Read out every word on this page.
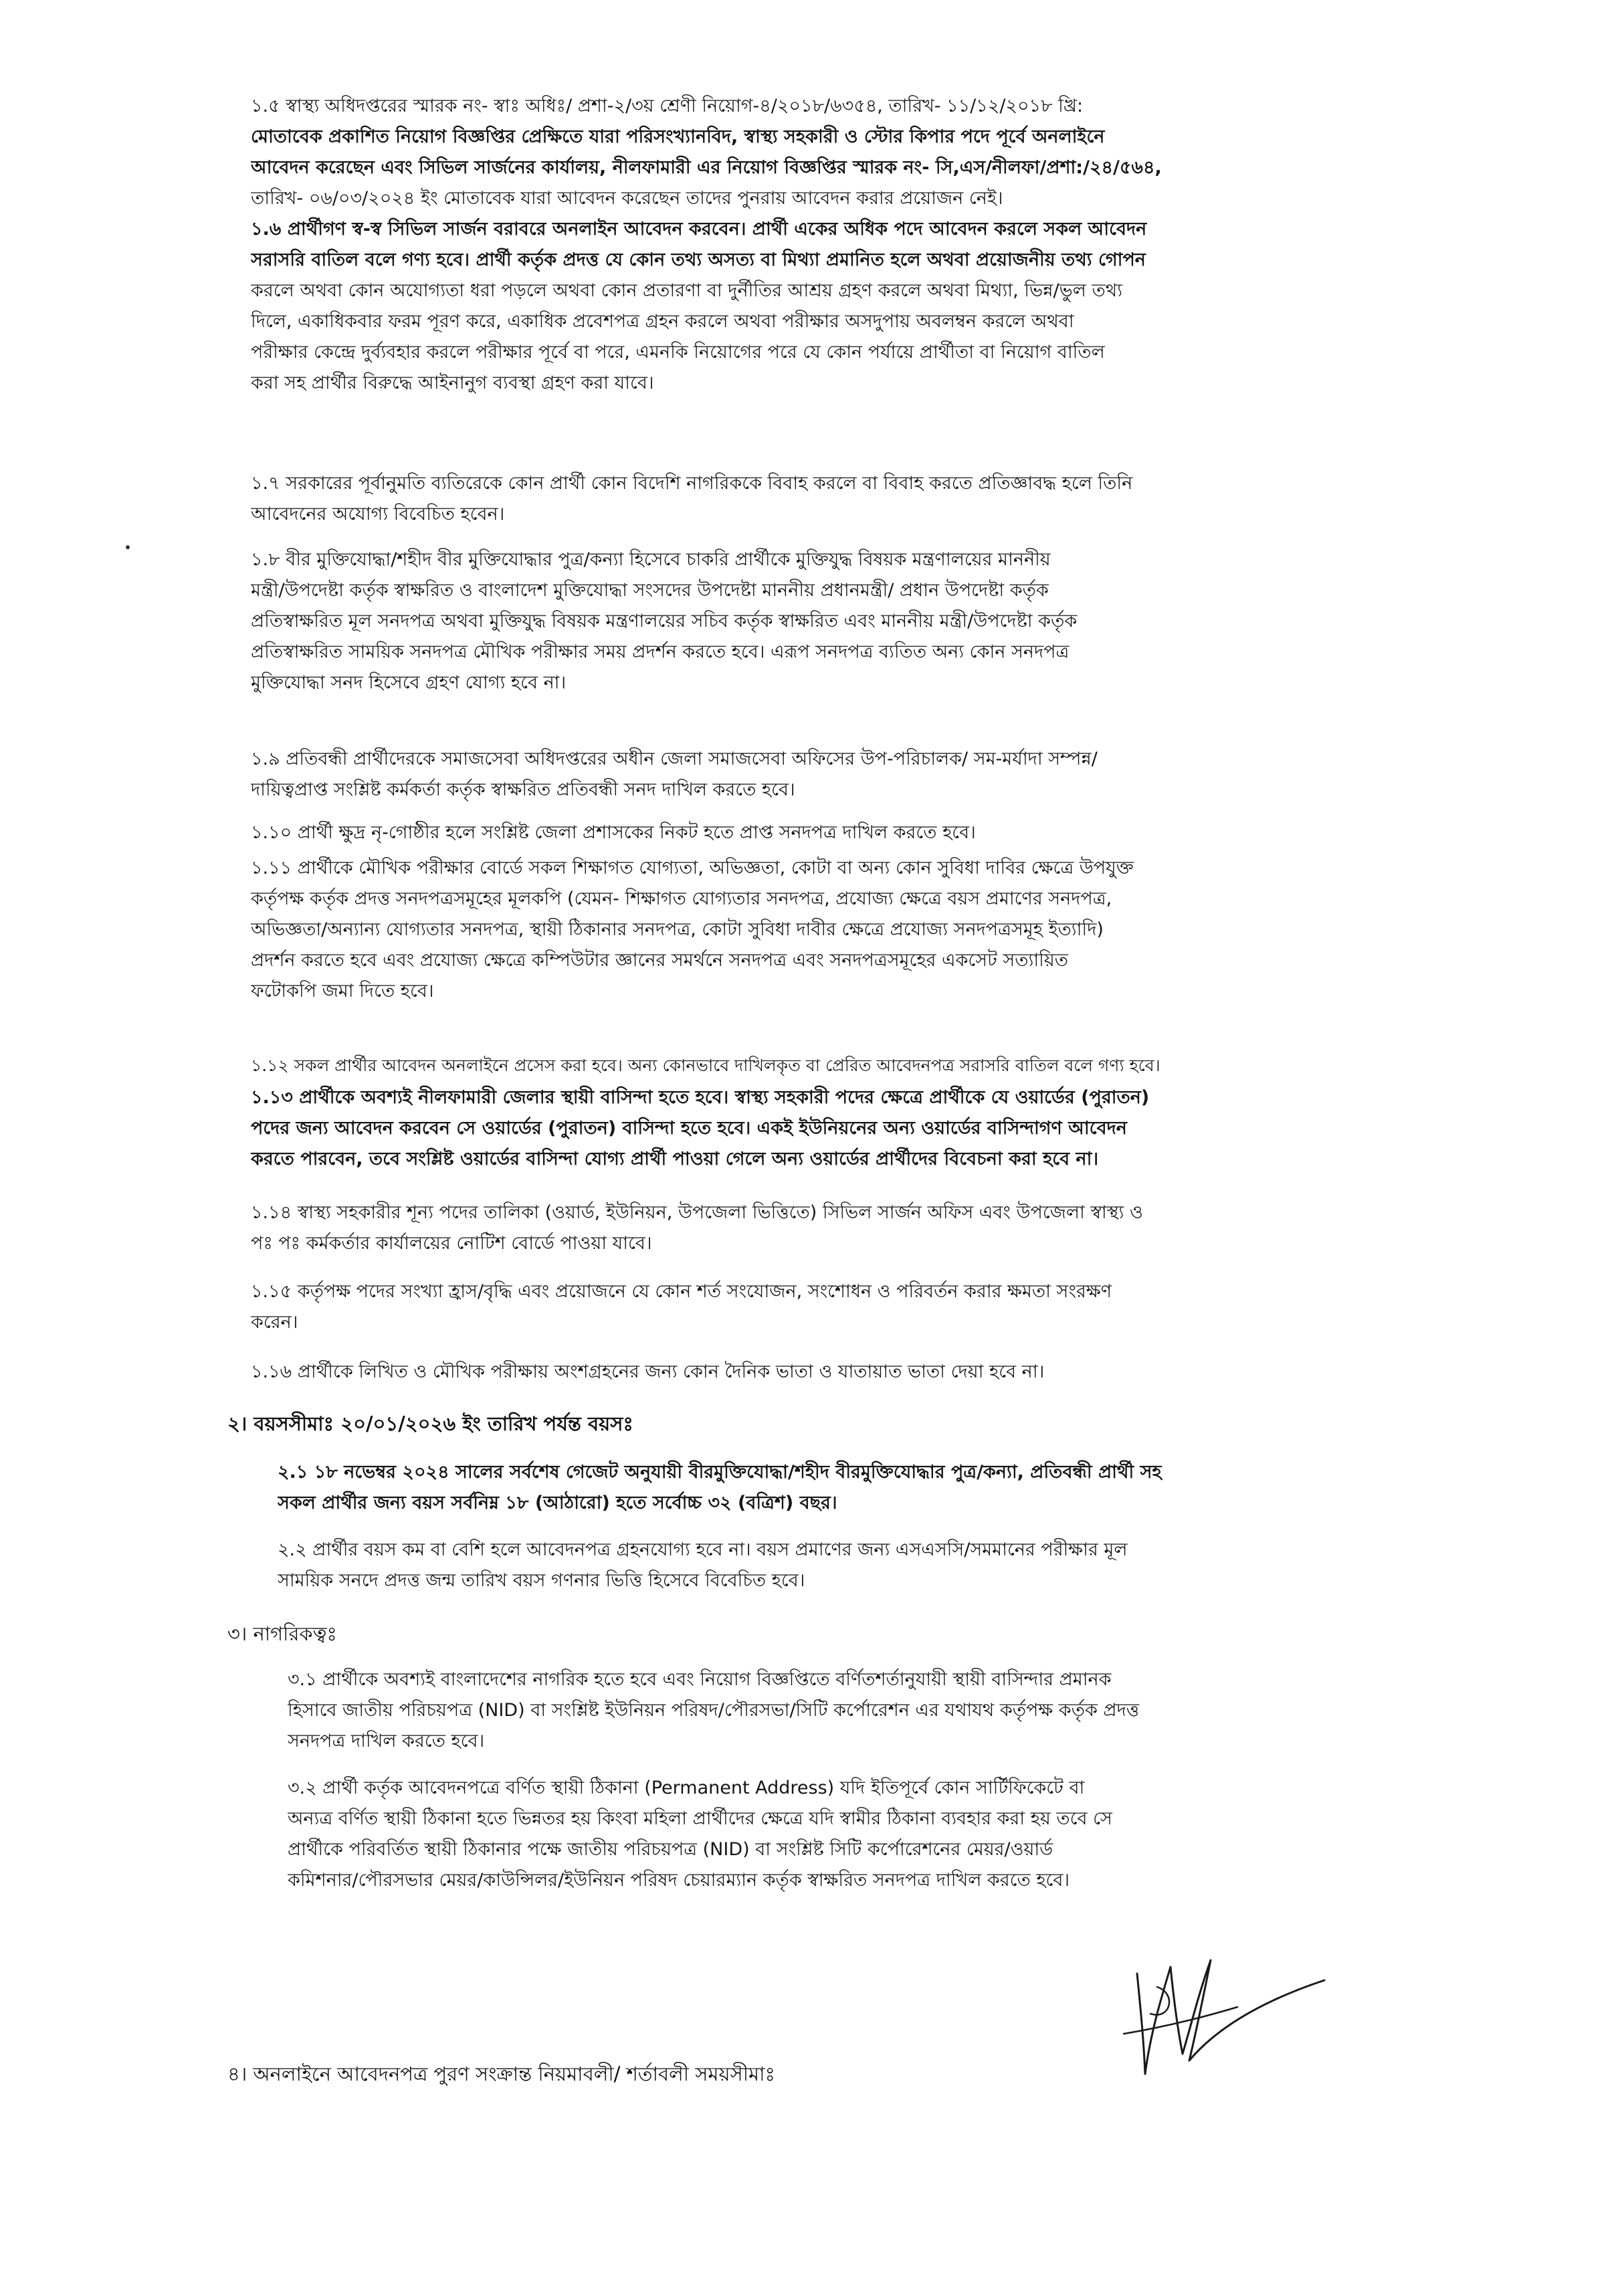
১.৫ স্বাস্থ্য অধিদপ্তরের স্মারক নং- স্বাঃ অধিঃ/ প্রশা-২/৩য় শ্রেণী নিয়োগ-৪/২০১৮/৬৩৫৪, তারিখ- ১১/১২/২০১৮ খ্রি:
মোতাবেক প্রকাশিত নিয়োগ বিজ্ঞপ্তির প্রেক্ষিতে যারা পরিসংখ্যানবিদ, স্বাস্থ্য সহকারী ও স্টোর কিপার পদে পূর্বে অনলাইনে
আবেদন করেছেন এবং সিভিল সার্জনের কার্যালয়, নীলফামারী এর নিয়োগ বিজ্ঞপ্তির স্মারক নং- সি,এস/নীলফা/প্রশা:/২৪/৫৬৪,
তারিখ- ০৬/০৩/২০২৪ ইং মোতাবেক যারা আবেদন করেছেন তাদের পুনরায় আবেদন করার প্রয়োজন নেই।
১.৬ প্রার্থীগণ স্ব-স্ব সিভিল সার্জন বরাবরে অনলাইন আবেদন করবেন। প্রার্থী একের অধিক পদে আবেদন করলে সকল আবেদন
সরাসরি বাতিল বলে গণ্য হবে। প্রার্থী কর্তৃক প্রদত্ত যে কোন তথ্য অসত্য বা মিথ্যা প্রমানিত হলে অথবা প্রয়োজনীয় তথ্য গোপন
করলে অথবা কোন অযোগ্যতা ধরা পড়লে অথবা কোন প্রতারণা বা দুর্নীতির আশ্রয় গ্রহণ করলে অথবা মিথ্যা, ভিন্ন/ভুল তথ্য
দিলে, একাধিকবার ফরম পূরণ করে, একাধিক প্রবেশপত্র গ্রহন করলে অথবা পরীক্ষার অসদুপায় অবলম্বন করলে অথবা
পরীক্ষার কেন্দ্রে দুর্ব্যবহার করলে পরীক্ষার পূর্বে বা পরে, এমনকি নিয়োগের পরে যে কোন পর্যায়ে প্রার্থীতা বা নিয়োগ বাতিল
করা সহ প্রার্থীর বিরুদ্ধে আইনানুগ ব্যবস্থা গ্রহণ করা যাবে।
১.৭ সরকারের পূর্বানুমতি ব্যতিরেকে কোন প্রার্থী কোন বিদেশি নাগরিককে বিবাহ করলে বা বিবাহ করতে প্রতিজ্ঞাবদ্ধ হলে তিনি
আবেদনের অযোগ্য বিবেচিত হবেন।
১.৮ বীর মুক্তিযোদ্ধা/শহীদ বীর মুক্তিযোদ্ধার পুত্র/কন্যা হিসেবে চাকরি প্রার্থীকে মুক্তিযুদ্ধ বিষয়ক মন্ত্রণালয়ের মাননীয়
মন্ত্রী/উপদেষ্টা কর্তৃক স্বাক্ষরিত ও বাংলাদেশ মুক্তিযোদ্ধা সংসদের উপদেষ্টা মাননীয় প্রধানমন্ত্রী/ প্রধান উপদেষ্টা কর্তৃক
প্রতিস্বাক্ষরিত মূল সনদপত্র অথবা মুক্তিযুদ্ধ বিষয়ক মন্ত্রণালয়ের সচিব কর্তৃক স্বাক্ষরিত এবং মাননীয় মন্ত্রী/উপদেষ্টা কর্তৃক
প্রতিস্বাক্ষরিত সাময়িক সনদপত্র মৌখিক পরীক্ষার সময় প্রদর্শন করতে হবে। এরূপ সনদপত্র ব্যতিত অন্য কোন সনদপত্র
মুক্তিযোদ্ধা সনদ হিসেবে গ্রহণ যোগ্য হবে না।
১.৯ প্রতিবন্ধী প্রার্থীদেরকে সমাজসেবা অধিদপ্তরের অধীন জেলা সমাজসেবা অফিসের উপ-পরিচালক/ সম-মর্যাদা সম্পন্ন/
দায়িত্বপ্রাপ্ত সংশ্লিষ্ট কর্মকর্তা কর্তৃক স্বাক্ষরিত প্রতিবন্ধী সনদ দাখিল করতে হবে।
১.১০ প্রার্থী ক্ষুদ্র নৃ-গোষ্ঠীর হলে সংশ্লিষ্ট জেলা প্রশাসকের নিকট হতে প্রাপ্ত সনদপত্র দাখিল করতে হবে।
১.১১ প্রার্থীকে মৌখিক পরীক্ষার বোর্ডে সকল শিক্ষাগত যোগ্যতা, অভিজ্ঞতা, কোটা বা অন্য কোন সুবিধা দাবির ক্ষেত্রে উপযুক্ত
কর্তৃপক্ষ কর্তৃক প্রদত্ত সনদপত্রসমূহের মূলকপি (যেমন- শিক্ষাগত যোগ্যতার সনদপত্র, প্রযোজ্য ক্ষেত্রে বয়স প্রমাণের সনদপত্র,
অভিজ্ঞতা/অন্যান্য যোগ্যতার সনদপত্র, স্থায়ী ঠিকানার সনদপত্র, কোটা সুবিধা দাবীর ক্ষেত্রে প্রযোজ্য সনদপত্রসমূহ ইত্যাদি)
প্রদর্শন করতে হবে এবং প্রযোজ্য ক্ষেত্রে কম্পিউটার জ্ঞানের সমর্থনে সনদপত্র এবং সনদপত্রসমূহের একসেট সত্যায়িত
ফটোকপি জমা দিতে হবে।
১.১২ সকল প্রার্থীর আবেদন অনলাইনে প্রসেস করা হবে। অন্য কোনভাবে দাখিলকৃত বা প্রেরিত আবেদনপত্র সরাসরি বাতিল বলে গণ্য হবে।
১.১৩ প্রার্থীকে অবশ্যই নীলফামারী জেলার স্থায়ী বাসিন্দা হতে হবে। স্বাস্থ্য সহকারী পদের ক্ষেত্রে প্রার্থীকে যে ওয়ার্ডের (পুরাতন)
পদের জন্য আবেদন করবেন সে ওয়ার্ডের (পুরাতন) বাসিন্দা হতে হবে। একই ইউনিয়নের অন্য ওয়ার্ডের বাসিন্দাগণ আবেদন
করতে পারবেন, তবে সংশ্লিষ্ট ওয়ার্ডের বাসিন্দা যোগ্য প্রার্থী পাওয়া গেলে অন্য ওয়ার্ডের প্রার্থীদের বিবেচনা করা হবে না।
১.১৪ স্বাস্থ্য সহকারীর শূন্য পদের তালিকা (ওয়ার্ড, ইউনিয়ন, উপজেলা ভিত্তিতে) সিভিল সার্জন অফিস এবং উপজেলা স্বাস্থ্য ও
পঃ পঃ কর্মকর্তার কার্যালয়ের নোটিশ বোর্ডে পাওয়া যাবে।
১.১৫ কর্তৃপক্ষ পদের সংখ্যা হ্রাস/বৃদ্ধি এবং প্রয়োজনে যে কোন শর্ত সংযোজন, সংশোধন ও পরিবর্তন করার ক্ষমতা সংরক্ষণ
করেন।
১.১৬ প্রার্থীকে লিখিত ও মৌখিক পরীক্ষায় অংশগ্রহনের জন্য কোন দৈনিক ভাতা ও যাতায়াত ভাতা দেয়া হবে না।
২। বয়সসীমাঃ ২০/০১/২০২৬ ইং তারিখ পর্যন্ত বয়সঃ
২.১ ১৮ নভেম্বর ২০২৪ সালের সর্বশেষ গেজেট অনুযায়ী বীরমুক্তিযোদ্ধা/শহীদ বীরমুক্তিযোদ্ধার পুত্র/কন্যা, প্রতিবন্ধী প্রার্থী সহ
সকল প্রার্থীর জন্য বয়স সর্বনিম্ন ১৮ (আঠারো) হতে সর্বোচ্চ ৩২ (বত্রিশ) বছর।
২.২ প্রার্থীর বয়স কম বা বেশি হলে আবেদনপত্র গ্রহনযোগ্য হবে না। বয়স প্রমাণের জন্য এসএসসি/সমমানের পরীক্ষার মূল
সাময়িক সনদে প্রদত্ত জন্ম তারিখ বয়স গণনার ভিত্তি হিসেবে বিবেচিত হবে।
৩। নাগরিকত্বঃ
৩.১ প্রার্থীকে অবশ্যই বাংলাদেশের নাগরিক হতে হবে এবং নিয়োগ বিজ্ঞপ্তিতে বর্ণিতশর্তানুযায়ী স্থায়ী বাসিন্দার প্রমানক
হিসাবে জাতীয় পরিচয়পত্র (NID) বা সংশ্লিষ্ট ইউনিয়ন পরিষদ/পৌরসভা/সিটি কর্পোরেশন এর যথাযথ কর্তৃপক্ষ কর্তৃক প্রদত্ত
সনদপত্র দাখিল করতে হবে।
৩.২ প্রার্থী কর্তৃক আবেদনপত্রে বর্ণিত স্থায়ী ঠিকানা (Permanent Address) যদি ইতিপূর্বে কোন সার্টিফিকেটে বা
অন্যত্র বর্ণিত স্থায়ী ঠিকানা হতে ভিন্নতর হয় কিংবা মহিলা প্রার্থীদের ক্ষেত্রে যদি স্বামীর ঠিকানা ব্যবহার করা হয় তবে সে
প্রার্থীকে পরিবর্তিত স্থায়ী ঠিকানার পক্ষে জাতীয় পরিচয়পত্র (NID) বা সংশ্লিষ্ট সিটি কর্পোরেশনের মেয়র/ওয়ার্ড
কমিশনার/পৌরসভার মেয়র/কাউন্সিলর/ইউনিয়ন পরিষদ চেয়ারম্যান কর্তৃক স্বাক্ষরিত সনদপত্র দাখিল করতে হবে।
৪। অনলাইনে আবেদনপত্র পুরণ সংক্রান্ত নিয়মাবলী/ শর্তাবলী সময়সীমাঃ
